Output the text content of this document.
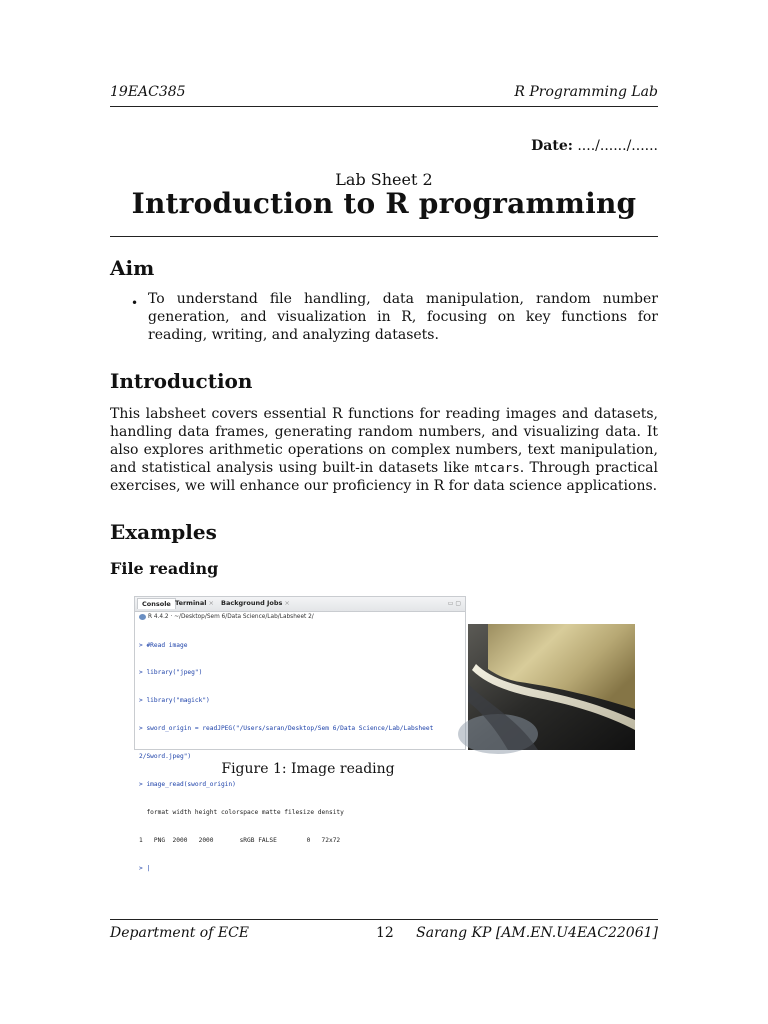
19EAC385	R Programming Lab
Date: ..../....../......
Lab Sheet 2
Introduction to R programming
Aim
• To understand file handling, data manipulation, random number generation, and visualization in R, focusing on key functions for reading, writing, and analyzing datasets.
Introduction
This labsheet covers essential R functions for reading images and datasets, handling data frames, generating random numbers, and visualizing data. It also explores arithmetic operations on complex numbers, text manipulation, and statistical analysis using built-in datasets like mtcars. Through practical exercises, we will enhance our proficiency in R for data science applications.
Examples
File reading
Console Terminal × Background Jobs ×	▭ ▢
R 4.4.2 · ~/Desktop/Sem 6/Data Science/Lab/Labsheet 2/

> #Read image

> library("jpeg")

> library("magick")

> sword_origin = readJPEG("/Users/saran/Desktop/Sem 6/Data Science/Lab/Labsheet

2/Sword.jpeg")

> image_read(sword_origin)

format width height colorspace matte filesize density

1   PNG  2000   2000       sRGB FALSE        0   72x72

> |

Figure 1: Image reading
Department of ECE	12 Sarang KP [AM.EN.U4EAC22061]
